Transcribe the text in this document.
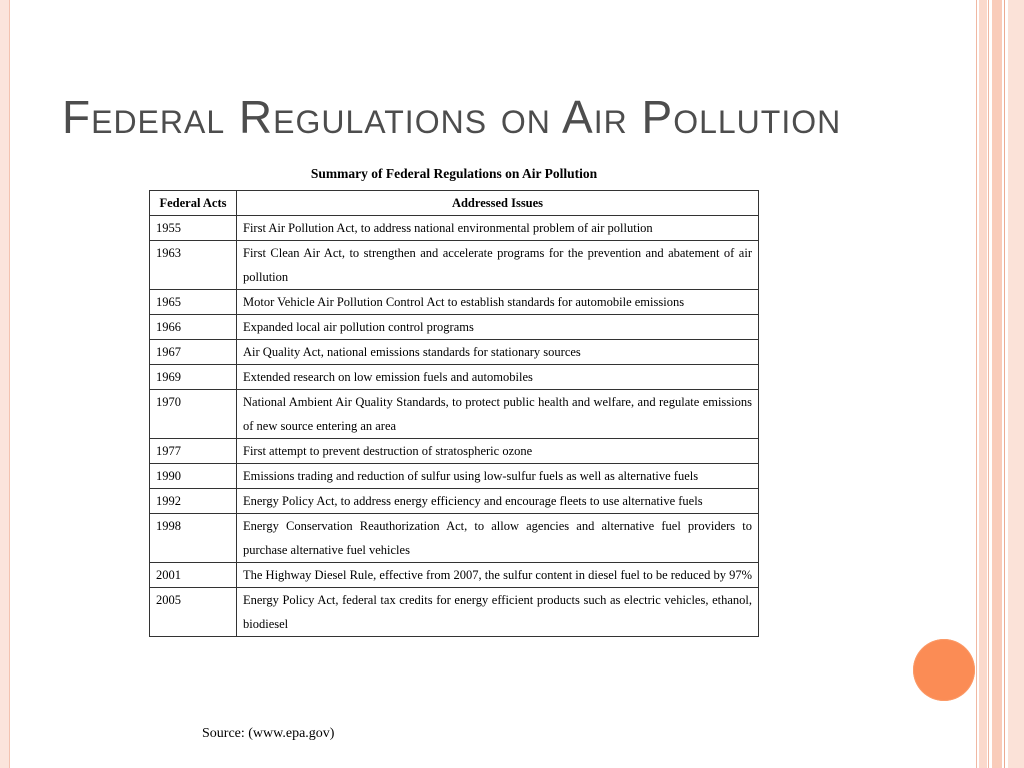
Federal Regulations on Air Pollution
Summary of Federal Regulations on Air Pollution
Federal Acts	Addressed Issues
1955	First Air Pollution Act, to address national environmental problem of air pollution
1963	First Clean Air Act, to strengthen and accelerate programs for the prevention and abatement of air pollution
1965	Motor Vehicle Air Pollution Control Act to establish standards for automobile emissions
1966	Expanded local air pollution control programs
1967	Air Quality Act, national emissions standards for stationary sources
1969	Extended research on low emission fuels and automobiles
1970	National Ambient Air Quality Standards, to protect public health and welfare, and regulate emissions of new source entering an area
1977	First attempt to prevent destruction of stratospheric ozone
1990	Emissions trading and reduction of sulfur using low-sulfur fuels as well as alternative fuels
1992	Energy Policy Act, to address energy efficiency and encourage fleets to use alternative fuels
1998	Energy Conservation Reauthorization Act, to allow agencies and alternative fuel providers to purchase alternative fuel vehicles
2001	The Highway Diesel Rule, effective from 2007, the sulfur content in diesel fuel to be reduced by 97%
2005	Energy Policy Act, federal tax credits for energy efficient products such as electric vehicles, ethanol, biodiesel
Source: (www.epa.gov)
